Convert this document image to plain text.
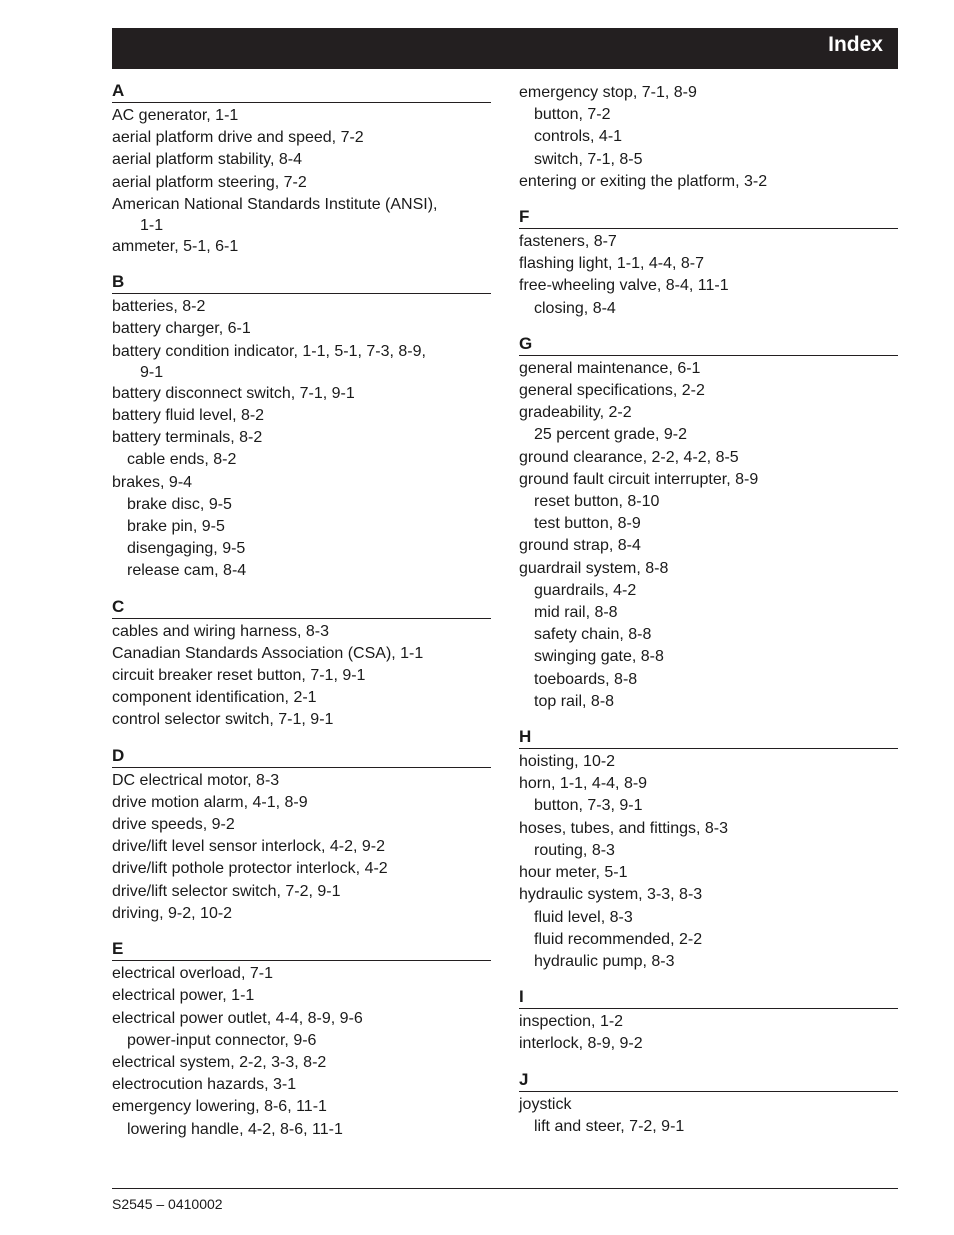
Index
A
AC generator, 1-1
aerial platform drive and speed, 7-2
aerial platform stability, 8-4
aerial platform steering, 7-2
American National Standards Institute (ANSI),
1-1
ammeter, 5-1, 6-1
B
batteries, 8-2
battery charger, 6-1
battery condition indicator, 1-1, 5-1, 7-3, 8-9,
9-1
battery disconnect switch, 7-1, 9-1
battery fluid level, 8-2
battery terminals, 8-2
cable ends, 8-2
brakes, 9-4
brake disc, 9-5
brake pin, 9-5
disengaging, 9-5
release cam, 8-4
C
cables and wiring harness, 8-3
Canadian Standards Association (CSA), 1-1
circuit breaker reset button, 7-1, 9-1
component identification, 2-1
control selector switch, 7-1, 9-1
D
DC electrical motor, 8-3
drive motion alarm, 4-1, 8-9
drive speeds, 9-2
drive/lift level sensor interlock, 4-2, 9-2
drive/lift pothole protector interlock, 4-2
drive/lift selector switch, 7-2, 9-1
driving, 9-2, 10-2
E
electrical overload, 7-1
electrical power, 1-1
electrical power outlet, 4-4, 8-9, 9-6
power-input connector, 9-6
electrical system, 2-2, 3-3, 8-2
electrocution hazards, 3-1
emergency lowering, 8-6, 11-1
lowering handle, 4-2, 8-6, 11-1
emergency stop, 7-1, 8-9
button, 7-2
controls, 4-1
switch, 7-1, 8-5
entering or exiting the platform, 3-2
F
fasteners, 8-7
flashing light, 1-1, 4-4, 8-7
free-wheeling valve, 8-4, 11-1
closing, 8-4
G
general maintenance, 6-1
general specifications, 2-2
gradeability, 2-2
25 percent grade, 9-2
ground clearance, 2-2, 4-2, 8-5
ground fault circuit interrupter, 8-9
reset button, 8-10
test button, 8-9
ground strap, 8-4
guardrail system, 8-8
guardrails, 4-2
mid rail, 8-8
safety chain, 8-8
swinging gate, 8-8
toeboards, 8-8
top rail, 8-8
H
hoisting, 10-2
horn, 1-1, 4-4, 8-9
button, 7-3, 9-1
hoses, tubes, and fittings, 8-3
routing, 8-3
hour meter, 5-1
hydraulic system, 3-3, 8-3
fluid level, 8-3
fluid recommended, 2-2
hydraulic pump, 8-3
I
inspection, 1-2
interlock, 8-9, 9-2
J
joystick
lift and steer, 7-2, 9-1
S2545 – 0410002
